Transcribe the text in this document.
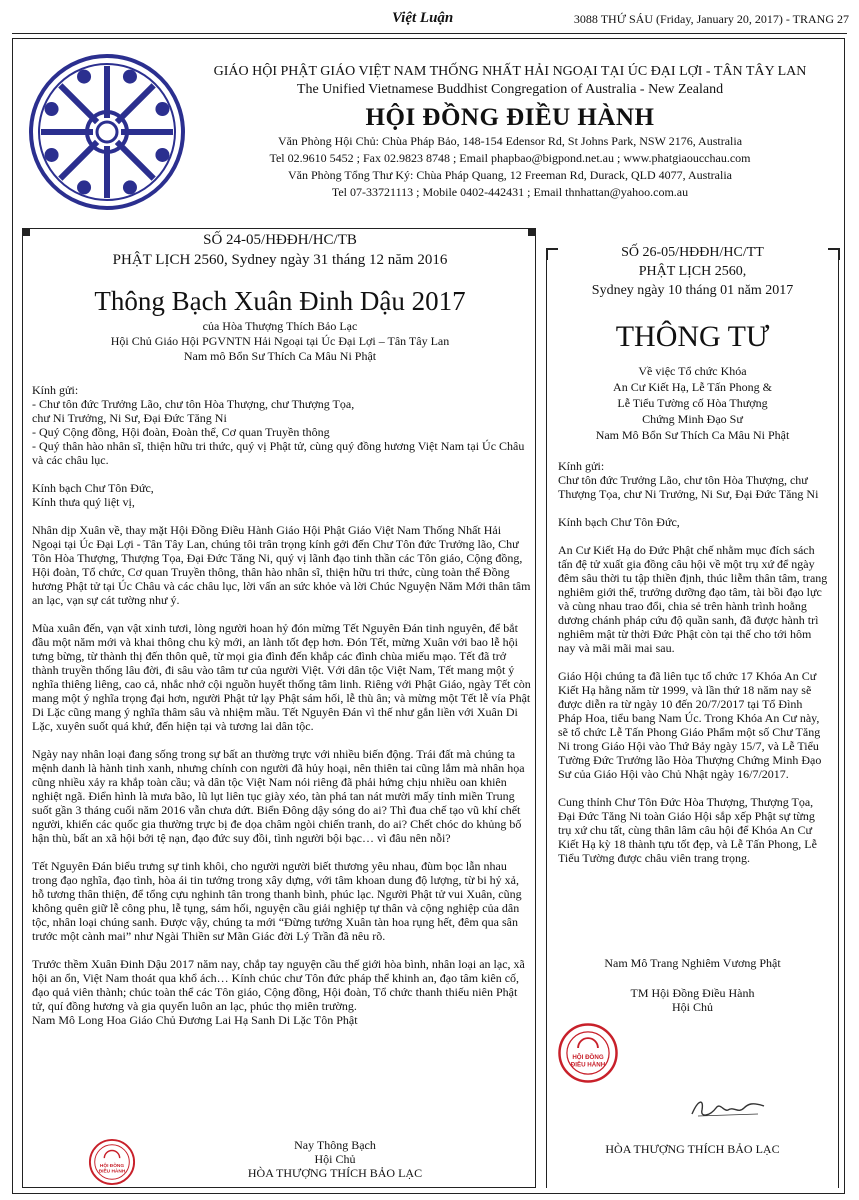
Việt Luận	3088 THỨ SÁU (Friday, January 20, 2017) - TRANG 27
GIÁO HỘI PHẬT GIÁO VIỆT NAM THỐNG NHẤT HẢI NGOẠI TẠI ÚC ĐẠI LỢI - TÂN TÂY LAN
The Unified Vietnamese Buddhist Congregation of Australia - New Zealand
HỘI ĐỒNG ĐIỀU HÀNH
Văn Phòng Hội Chủ: Chùa Pháp Bảo, 148-154 Edensor Rd, St Johns Park, NSW 2176, Australia
Tel 02.9610 5452 ; Fax 02.9823 8748 ; Email phapbao@bigpond.net.au ; www.phatgiaoucchau.com
Văn Phòng Tổng Thư Ký: Chùa Pháp Quang, 12 Freeman Rd, Durack, QLD 4077, Australia
Tel 07-33721113 ; Mobile 0402-442431 ; Email thnhattan@yahoo.com.au
SỐ 24-05/HĐĐH/HC/TB
PHẬT LỊCH 2560, Sydney ngày 31 tháng 12 năm 2016
Thông Bạch Xuân Đinh Dậu 2017
của Hòa Thượng Thích Bảo Lạc
Hội Chủ Giáo Hội PGVNTN Hải Ngoại tại Úc Đại Lợi – Tân Tây Lan
Nam mô Bổn Sư Thích Ca Mâu Ni Phật

Kính gửi:

- Chư tôn đức Trưởng Lão, chư tôn Hòa Thượng, chư Thượng Tọa,

chư Ni Trưởng, Ni Sư, Đại Đức Tăng Ni

- Quý Cộng đồng, Hội đoàn, Đoàn thể, Cơ quan Truyền thông

- Quý thân hào nhân sĩ, thiện hữu tri thức, quý vị Phật tử, cùng quý đồng hương Việt Nam tại Úc Châu và các châu lục.

Kính bạch Chư Tôn Đức,

Kính thưa quý liệt vị,

Nhân dịp Xuân về, thay mặt Hội Đồng Điều Hành Giáo Hội Phật Giáo Việt Nam Thống Nhất Hải Ngoại tại Úc Đại Lợi - Tân Tây Lan, chúng tôi trân trọng kính gởi đến Chư Tôn đức Trưởng lão, Chư Tôn Hòa Thượng, Thượng Tọa, Đại Đức Tăng Ni, quý vị lãnh đạo tinh thần các Tôn giáo, Cộng đồng, Hội đoàn, Tổ chức, Cơ quan Truyền thông, thân hào nhân sĩ, thiện hữu tri thức, cùng toàn thể Đồng hương Phật tử tại Úc Châu và các châu lục, lời vấn an sức khỏe và lời Chúc Nguyện Năm Mới thân tâm an lạc, vạn sự cát tường như ý.

Mùa xuân đến, vạn vật xinh tươi, lòng người hoan hỷ đón mừng Tết Nguyên Đán tinh nguyên, để bắt đầu một năm mới và khai thông chu kỳ mới, an lành tốt đẹp hơn. Đón Tết, mừng Xuân với bao lễ hội tưng bừng, từ thành thị đến thôn quê, từ mọi gia đình đến khắp các đình chùa miếu mạo. Tết đã trở thành truyền thống lâu đời, đi sâu vào tâm tư của người Việt. Với dân tộc Việt Nam, Tết mang một ý nghĩa thiêng liêng, cao cả, nhắc nhở cội nguồn huyết thống tâm linh. Riêng với Phật Giáo, ngày Tết còn mang một ý nghĩa trọng đại hơn, người Phật tử lạy Phật sám hối, lễ thù ân; và mừng một Tết lễ vía Phật Di Lặc cũng mang ý nghĩa thâm sâu và nhiệm mầu. Tết Nguyên Đán vì thế như gắn liền với Xuân Di Lặc, xuyên suốt quá khứ, đến hiện tại và tương lai dân tộc.

Ngày nay nhân loại đang sống trong sự bất an thường trực với nhiều biến động. Trái đất mà chúng ta mệnh danh là hành tinh xanh, nhưng chính con người đã hủy hoại, nên thiên tai cũng lắm mà nhân họa cũng nhiều xảy ra khắp toàn cầu; và dân tộc Việt Nam nói riêng đã phải hứng chịu nhiều oan khiên nghiệt ngã. Điển hình là mưa bão, lũ lụt liên tục giày xéo, tàn phá tan nát mười mấy tỉnh miền Trung suốt gần 3 tháng cuối năm 2016 vẫn chưa dứt. Biển Đông dậy sóng do ai? Thì đua chế tạo vũ khí chết người, khiến các quốc gia thường trực bị đe dọa châm ngòi chiến tranh, do ai? Chết chóc do khủng bố hận thù, bất an xã hội bởi tệ nạn, đạo đức suy đồi, tình người bội bạc… vì đâu nên nỗi?

Tết Nguyên Đán biểu trưng sự tinh khôi, cho người người biết thương yêu nhau, đùm bọc lẫn nhau trong đạo nghĩa, đạo tình, hòa ái tin tưởng trong xây dựng, với tâm khoan dung độ lượng, từ bi hỷ xả, hỗ tương thân thiện, để tổng cựu nghinh tân trong thanh bình, phúc lạc. Người Phật tử vui Xuân, cũng không quên giữ lễ công phu, lễ tụng, sám hối, nguyện cầu giải nghiệp tự thân và cộng nghiệp của dân tộc, nhân loại chúng sanh. Được vậy, chúng ta mới “Đừng tưởng Xuân tàn hoa rụng hết, đêm qua sân trước một cành mai” như Ngài Thiền sư Mãn Giác đời Lý Trần đã nêu rõ.

Trước thềm Xuân Đinh Dậu 2017 năm nay, chắp tay nguyện cầu thế giới hòa bình, nhân loại an lạc, xã hội an ổn, Việt Nam thoát qua khổ ách… Kính chúc chư Tôn đức pháp thể khinh an, đạo tâm kiên cố, đạo quả viên thành; chúc toàn thể các Tôn giáo, Cộng đồng, Hội đoàn, Tổ chức thanh thiếu niên Phật tử, quí đồng hương và gia quyến luôn an lạc, phúc thọ miên trường.

Nam Mô Long Hoa Giáo Chủ Đương Lai Hạ Sanh Di Lặc Tôn Phật

HỘI ĐỒNG
ĐIỀU HÀNH
Nay Thông Bạch
Hội Chủ
HÒA THƯỢNG THÍCH BẢO LẠC
SỐ 26-05/HĐĐH/HC/TT
PHẬT LỊCH 2560,
Sydney ngày 10 tháng 01 năm 2017
THÔNG TƯ
Về việc Tổ chức Khóa
An Cư Kiết Hạ, Lễ Tấn Phong &
Lễ Tiểu Tường cố Hòa Thượng
Chứng Minh Đạo Sư
Nam Mô Bổn Sư Thích Ca Mâu Ni Phật

Kính gửi:

Chư tôn đức Trưởng Lão, chư tôn Hòa Thượng, chư Thượng Tọa, chư Ni Trưởng, Ni Sư, Đại Đức Tăng Ni

Kính bạch Chư Tôn Đức,

An Cư Kiết Hạ do Đức Phật chế nhằm mục đích sách tấn đệ tử xuất gia đồng câu hội về một trụ xứ để ngày đêm sâu thời tu tập thiền định, thúc liễm thân tâm, trang nghiêm giới thể, trưởng dưỡng đạo tâm, tài bồi đạo lực và cùng nhau trao đổi, chia sẻ trên hành trình hoằng dương chánh pháp cứu độ quần sanh, đã được hành trì nghiêm mật từ thời Đức Phật còn tại thế cho tới hôm nay và mãi mãi mai sau.

Giáo Hội chúng ta đã liên tục tổ chức 17 Khóa An Cư Kiết Hạ hằng năm từ 1999, và lần thứ 18 năm nay sẽ được diễn ra từ ngày 10 đến 20/7/2017 tại Tổ Đình Pháp Hoa, tiểu bang Nam Úc. Trong Khóa An Cư này, sẽ tổ chức Lễ Tấn Phong Giáo Phẩm một số Chư Tăng Ni trong Giáo Hội vào Thứ Bảy ngày 15/7, và Lễ Tiểu Tường Đức Trưởng lão Hòa Thượng Chứng Minh Đạo Sư của Giáo Hội vào Chủ Nhật ngày 16/7/2017.

Cung thỉnh Chư Tôn Đức Hòa Thượng, Thượng Tọa, Đại Đức Tăng Ni toàn Giáo Hội sắp xếp Phật sự từng trụ xứ chu tất, cùng thân lâm câu hội để Khóa An Cư Kiết Hạ kỳ 18 thành tựu tốt đẹp, và Lễ Tấn Phong, Lễ Tiểu Tường được châu viên trang trọng.

Nam Mô Trang Nghiêm Vương Phật
TM Hội Đồng Điều Hành
Hội Chủ
HỘI ĐỒNG
ĐIỀU HÀNH
HÒA THƯỢNG THÍCH BẢO LẠC
